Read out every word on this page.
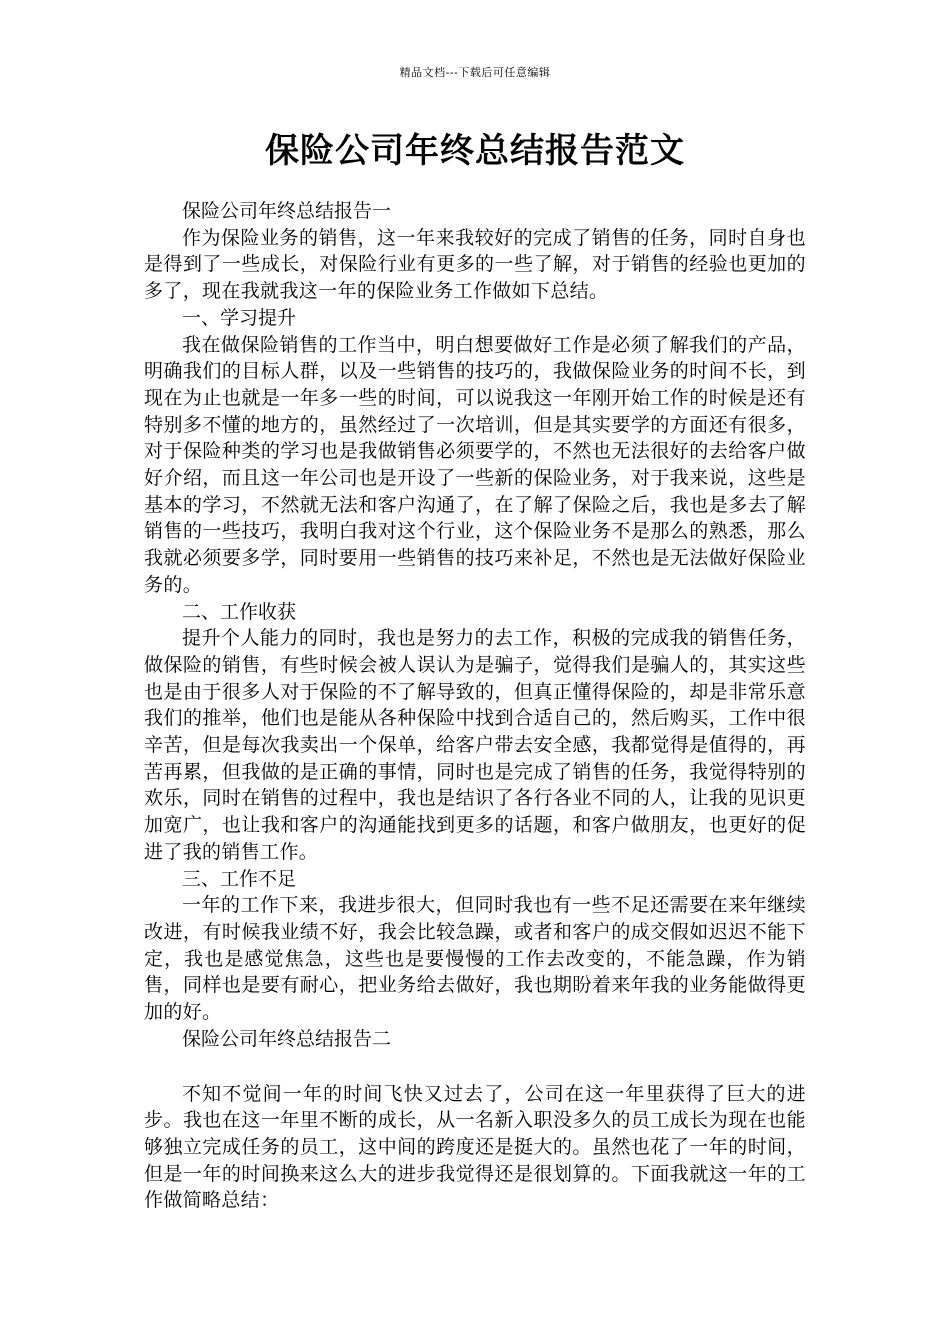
精品文档---下载后可任意编辑
保险公司年终总结报告范文

保险公司年终总结报告一

作为保险业务的销售，这一年来我较好的完成了销售的任务，同时自身也是得到了一些成长，对保险行业有更多的一些了解，对于销售的经验也更加的多了，现在我就我这一年的保险业务工作做如下总结。

一、学习提升

我在做保险销售的工作当中，明白想要做好工作是必须了解我们的产品，明确我们的目标人群，以及一些销售的技巧的，我做保险业务的时间不长，到现在为止也就是一年多一些的时间，可以说我这一年刚开始工作的时候是还有特别多不懂的地方的，虽然经过了一次培训，但是其实要学的方面还有很多，对于保险种类的学习也是我做销售必须要学的，不然也无法很好的去给客户做好介绍，而且这一年公司也是开设了一些新的保险业务，对于我来说，这些是基本的学习，不然就无法和客户沟通了，在了解了保险之后，我也是多去了解销售的一些技巧，我明白我对这个行业，这个保险业务不是那么的熟悉，那么我就必须要多学，同时要用一些销售的技巧来补足，不然也是无法做好保险业务的。

二、工作收获

提升个人能力的同时，我也是努力的去工作，积极的完成我的销售任务，做保险的销售，有些时候会被人误认为是骗子，觉得我们是骗人的，其实这些也是由于很多人对于保险的不了解导致的，但真正懂得保险的，却是非常乐意我们的推举，他们也是能从各种保险中找到合适自己的，然后购买，工作中很辛苦，但是每次我卖出一个保单，给客户带去安全感，我都觉得是值得的，再苦再累，但我做的是正确的事情，同时也是完成了销售的任务，我觉得特别的欢乐，同时在销售的过程中，我也是结识了各行各业不同的人，让我的见识更加宽广，也让我和客户的沟通能找到更多的话题，和客户做朋友，也更好的促进了我的销售工作。

三、工作不足

一年的工作下来，我进步很大，但同时我也有一些不足还需要在来年继续改进，有时候我业绩不好，我会比较急躁，或者和客户的成交假如迟迟不能下定，我也是感觉焦急，这些也是要慢慢的工作去改变的，不能急躁，作为销售，同样也是要有耐心，把业务给去做好，我也期盼着来年我的业务能做得更加的好。

保险公司年终总结报告二

不知不觉间一年的时间飞快又过去了，公司在这一年里获得了巨大的进步。我也在这一年里不断的成长，从一名新入职没多久的员工成长为现在也能够独立完成任务的员工，这中间的跨度还是挺大的。虽然也花了一年的时间，但是一年的时间换来这么大的进步我觉得还是很划算的。下面我就这一年的工作做简略总结：
